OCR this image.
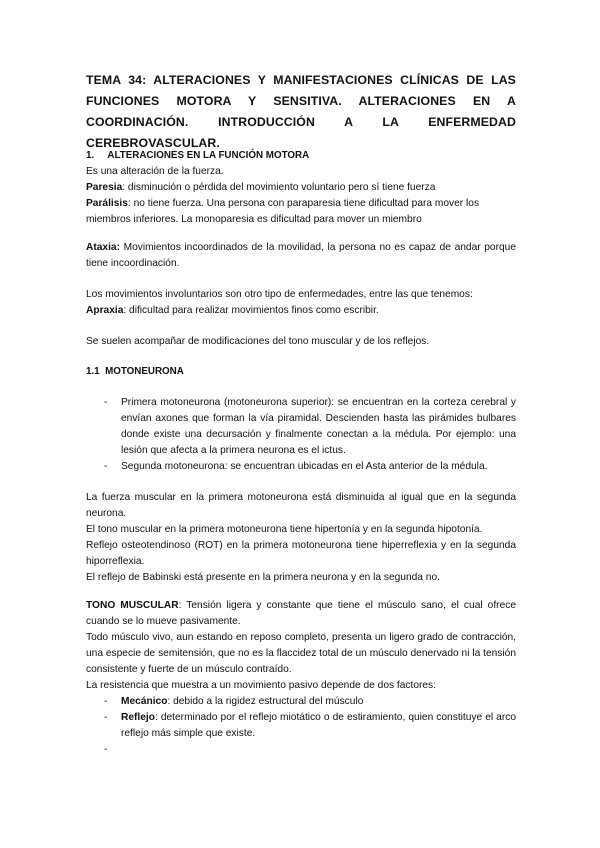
TEMA 34: ALTERACIONES Y MANIFESTACIONES CLÍNICAS DE LAS FUNCIONES MOTORA Y SENSITIVA. ALTERACIONES EN A COORDINACIÓN. INTRODUCCIÓN A LA ENFERMEDAD CEREBROVASCULAR.

1.     ALTERACIONES EN LA FUNCIÓN MOTORA

Es una alteración de la fuerza.

Paresia: disminución o pérdida del movimiento voluntario pero sí tiene fuerza

Parálisis: no tiene fuerza. Una persona con paraparesia tiene dificultad para mover los miembros inferiores. La monoparesia es dificultad para mover un miembro

Ataxia: Movimientos incoordinados de la movilidad, la persona no es capaz de andar porque tiene incoordinación.

Los movimientos involuntarios son otro tipo de enfermedades, entre las que tenemos:

Apraxia: dificultad para realizar movimientos finos como escribir.

Se suelen acompañar de modificaciones del tono muscular y de los reflejos.

1.1  MOTONEURONA

- Primera motoneurona (motoneurona superior): se encuentran en la corteza cerebral y envían axones que forman la vía piramidal. Descienden hasta las pirámides bulbares donde existe una decursación y finalmente conectan a la médula. Por ejemplo: una lesión que afecta a la primera neurona es el ictus.
- Segunda motoneurona: se encuentran ubicadas en el Asta anterior de la médula.

La fuerza muscular en la primera motoneurona está disminuida al igual que en la segunda neurona.

El tono muscular en la primera motoneurona tiene hipertonía y en la segunda hipotonía.

Reflejo osteotendinoso (ROT) en la primera motoneurona tiene hiperreflexia y en la segunda hiporreflexia.

El reflejo de Babinski está presente en la primera neurona y en la segunda no.

TONO MUSCULAR: Tensión ligera y constante que tiene el músculo sano, el cual ofrece cuando se lo mueve pasivamente.

Todo músculo vivo, aun estando en reposo completo, presenta un ligero grado de contracción, una especie de semitensión, que no es la flaccidez total de un músculo denervado ni la tensión consistente y fuerte de un músculo contraído.

La resistencia que muestra a un movimiento pasivo depende de dos factores:

- Mecánico: debido a la rigidez estructural del músculo
- Reflejo: determinado por el reflejo miotático o de estiramiento, quien constituye el arco reflejo más simple que existe.
-
